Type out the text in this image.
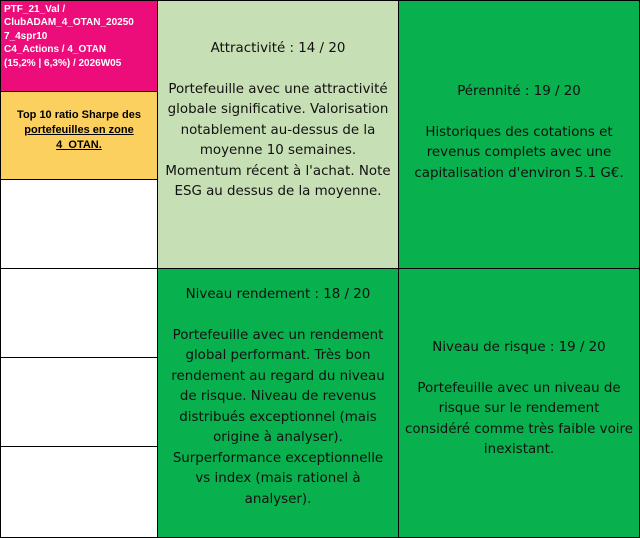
PTF_21_Val / ClubADAM_4_OTAN_20250
7_4spr10
C4_Actions / 4_OTAN
(15,2% | 6,3%) / 2026W05
Top 10 ratio Sharpe des
portefeuilles en zone 4_OTAN.
Attractivité : 14 / 20
Portefeuille avec une attractivité globale significative. Valorisation notablement au-dessus de la moyenne 10 semaines. Momentum récent à l'achat. Note ESG au dessus de la moyenne.
Pérennité : 19 / 20
Historiques des cotations et revenus complets avec une capitalisation d'environ 5.1 G€.
Niveau rendement : 18 / 20
Portefeuille avec un rendement global performant. Très bon rendement au regard du niveau de risque. Niveau de revenus distribués exceptionnel (mais origine à analyser). Surperformance exceptionnelle vs index (mais rationel à analyser).
Niveau de risque : 19 / 20
Portefeuille avec un niveau de risque sur le rendement considéré comme très faible voire inexistant.
